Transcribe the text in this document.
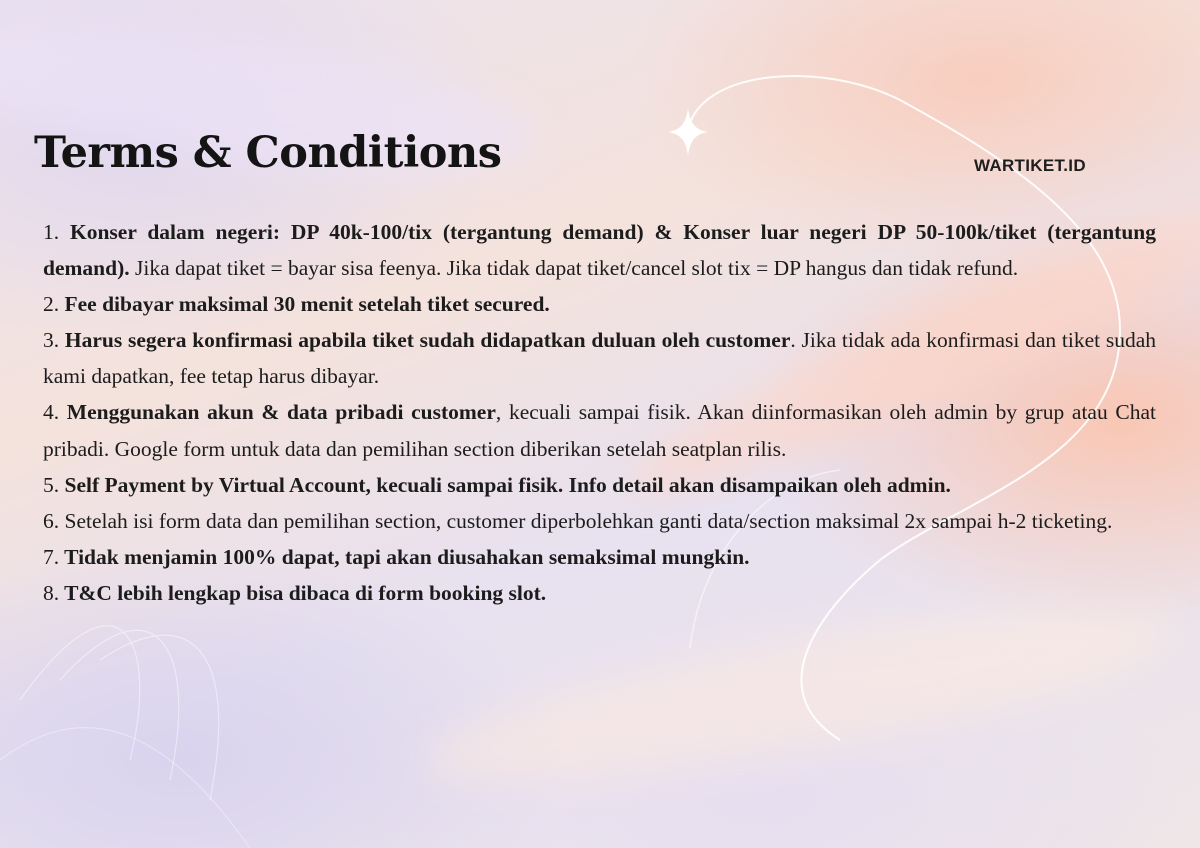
Terms & Conditions	WARTIKET.ID

1. Konser dalam negeri: DP 40k-100/tix (tergantung demand) & Konser luar negeri DP 50-100k/tiket (tergantung demand). Jika dapat tiket = bayar sisa feenya. Jika tidak dapat tiket/cancel slot tix = DP hangus dan tidak refund.

2. Fee dibayar maksimal 30 menit setelah tiket secured.

3. Harus segera konfirmasi apabila tiket sudah didapatkan duluan oleh customer. Jika tidak ada konfirmasi dan tiket sudah kami dapatkan, fee tetap harus dibayar.

4. Menggunakan akun & data pribadi customer, kecuali sampai fisik. Akan diinformasikan oleh admin by grup atau Chat pribadi. Google form untuk data dan pemilihan section diberikan setelah seatplan rilis.

5. Self Payment by Virtual Account, kecuali sampai fisik. Info detail akan disampaikan oleh admin.

6. Setelah isi form data dan pemilihan section, customer diperbolehkan ganti data/section maksimal 2x sampai h-2 ticketing.

7. Tidak menjamin 100% dapat, tapi akan diusahakan semaksimal mungkin.

8. T&C lebih lengkap bisa dibaca di form booking slot.
